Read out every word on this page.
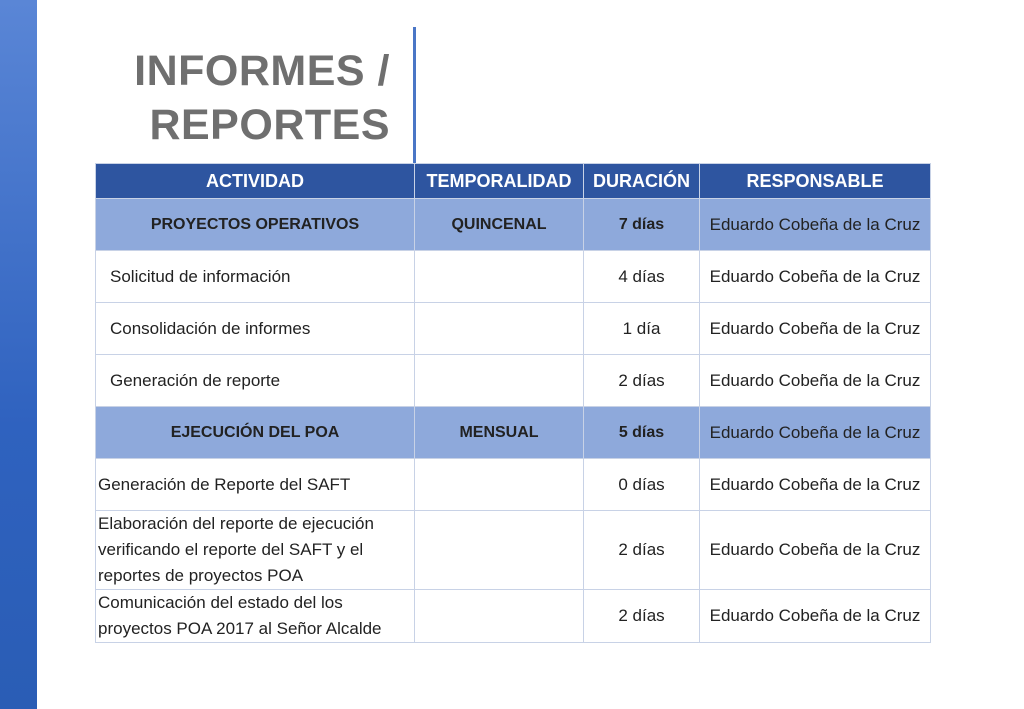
INFORMES /
REPORTES
ACTIVIDAD	TEMPORALIDAD	DURACIÓN	RESPONSABLE
PROYECTOS OPERATIVOS	QUINCENAL	7 días	Eduardo Cobeña de la Cruz
Solicitud de información		4 días	Eduardo Cobeña de la Cruz
Consolidación de informes		1 día	Eduardo Cobeña de la Cruz
Generación de reporte		2 días	Eduardo Cobeña de la Cruz
EJECUCIÓN DEL POA	MENSUAL	5 días	Eduardo Cobeña de la Cruz
Generación de Reporte del SAFT		0 días	Eduardo Cobeña de la Cruz
Elaboración del reporte de ejecución verificando el reporte del SAFT y el reportes de proyectos POA		2 días	Eduardo Cobeña de la Cruz
Comunicación del estado del los proyectos POA 2017 al Señor Alcalde		2 días	Eduardo Cobeña de la Cruz
